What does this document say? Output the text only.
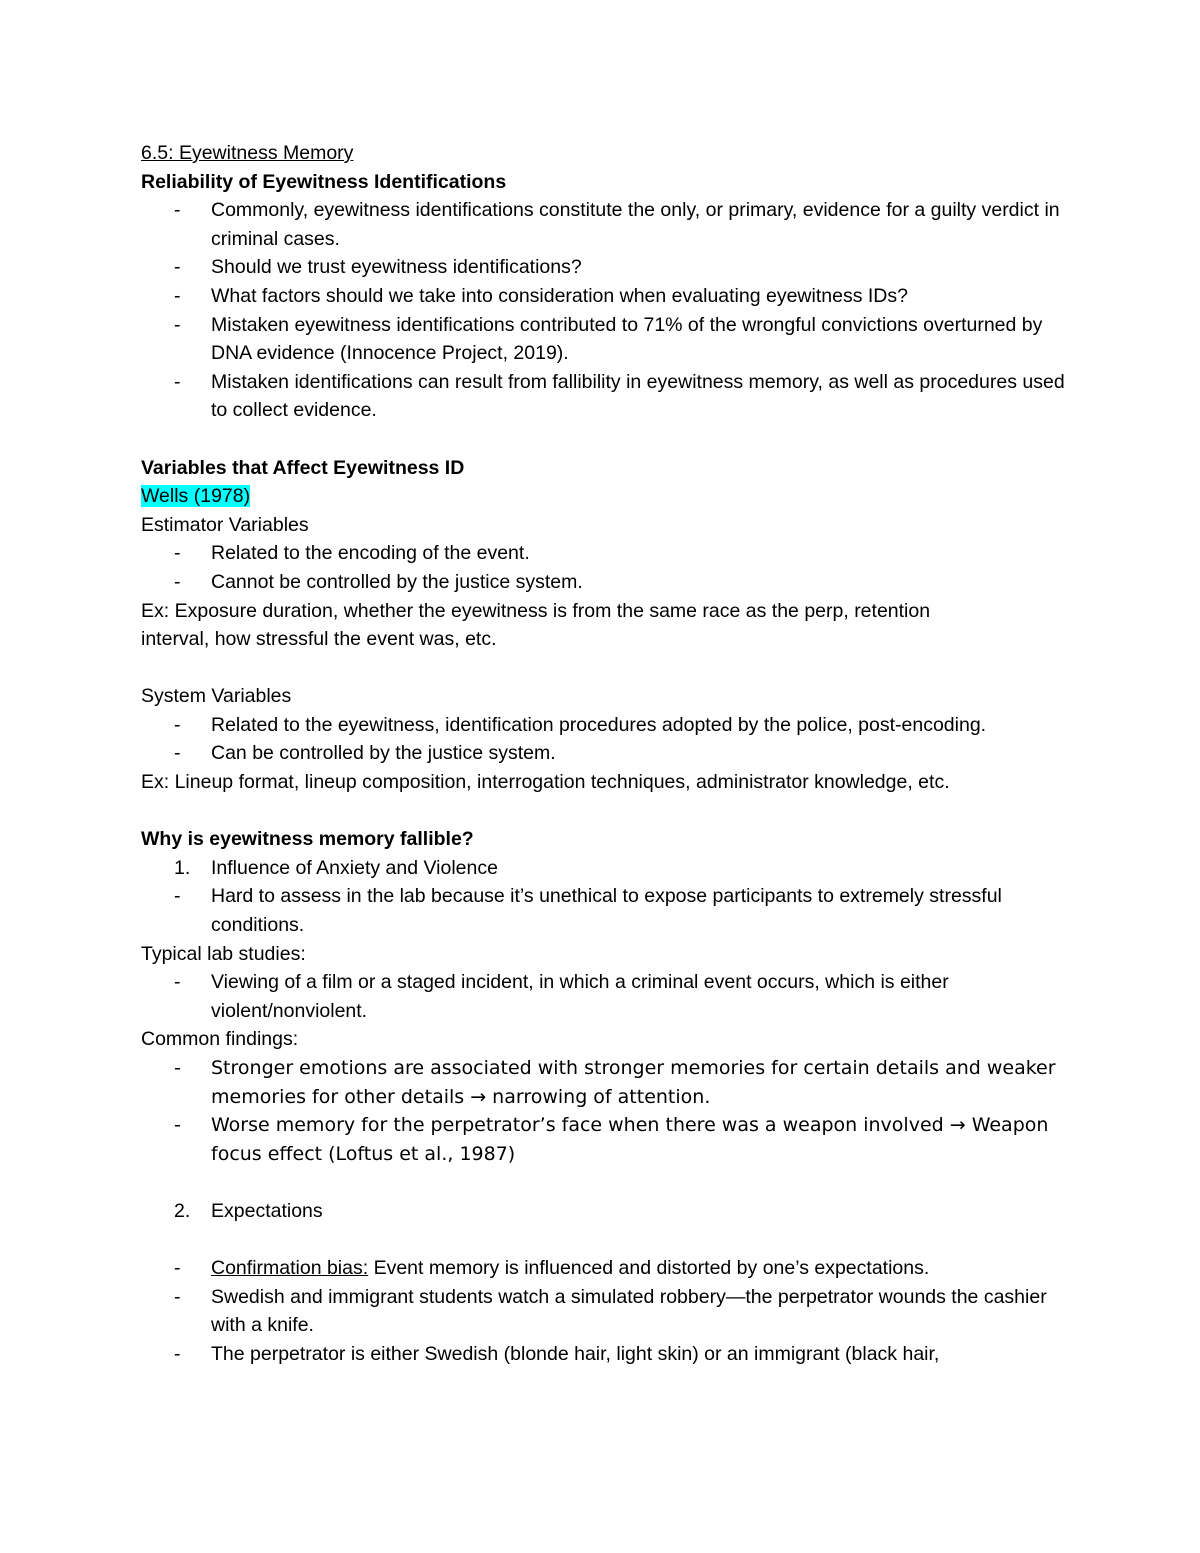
6.5: Eyewitness Memory
Reliability of Eyewitness Identifications
- Commonly, eyewitness identifications constitute the only, or primary, evidence for a guilty verdict in criminal cases.
- Should we trust eyewitness identifications?
- What factors should we take into consideration when evaluating eyewitness IDs?
- Mistaken eyewitness identifications contributed to 71% of the wrongful convictions overturned by DNA evidence (Innocence Project, 2019).
- Mistaken identifications can result from fallibility in eyewitness memory, as well as procedures used to collect evidence.
Variables that Affect Eyewitness ID
Wells (1978)
Estimator Variables
- Related to the encoding of the event.
- Cannot be controlled by the justice system.
Ex: Exposure duration, whether the eyewitness is from the same race as the perp, retention
interval, how stressful the event was, etc.
System Variables
- Related to the eyewitness, identification procedures adopted by the police, post-encoding.
- Can be controlled by the justice system.
Ex: Lineup format, lineup composition, interrogation techniques, administrator knowledge, etc.
Why is eyewitness memory fallible?
1. Influence of Anxiety and Violence
- Hard to assess in the lab because it’s unethical to expose participants to extremely stressful conditions.
Typical lab studies:
- Viewing of a film or a staged incident, in which a criminal event occurs, which is either violent/nonviolent.
Common findings:
- Stronger emotions are associated with stronger memories for certain details and weaker memories for other details → narrowing of attention.
- Worse memory for the perpetrator’s face when there was a weapon involved → Weapon focus effect (Loftus et al., 1987)
2. Expectations
- Confirmation bias: Event memory is influenced and distorted by one’s expectations.
- Swedish and immigrant students watch a simulated robbery—the perpetrator wounds the cashier with a knife.
- The perpetrator is either Swedish (blonde hair, light skin) or an immigrant (black hair,
